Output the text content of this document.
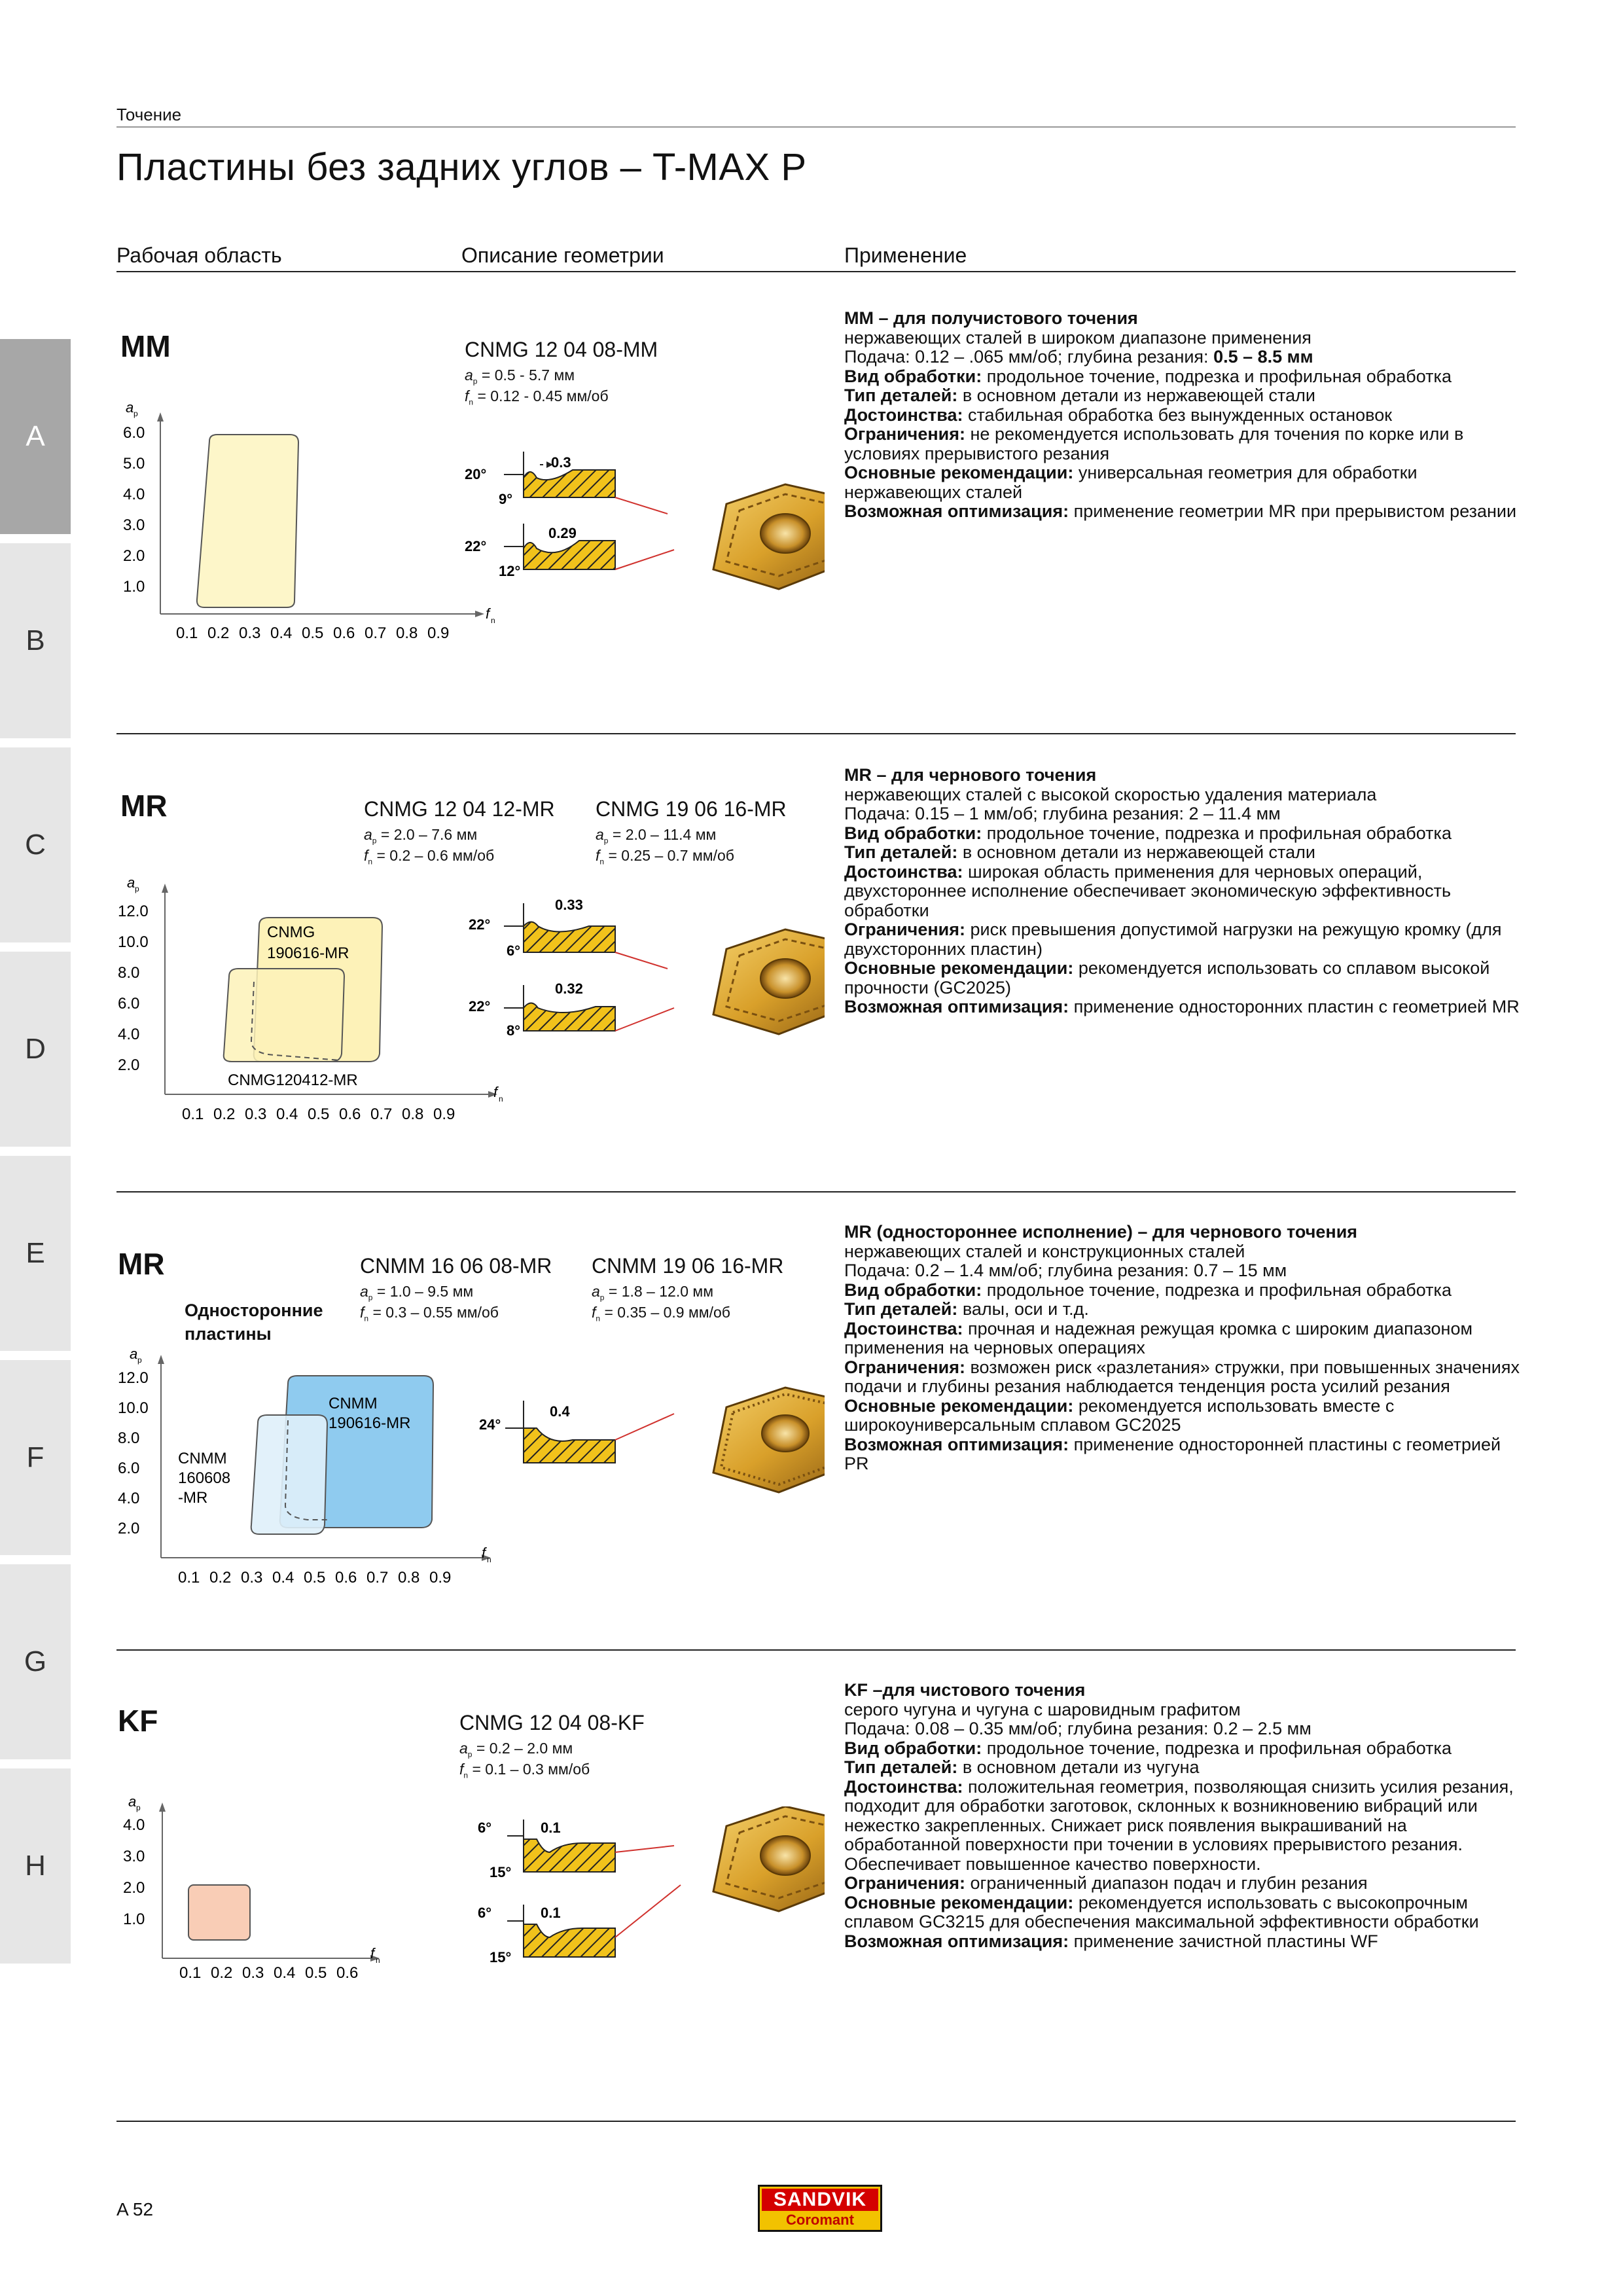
Точение
Пластины без задних углов – T-MAX P
Рабочая область	Описание геометрии	Применение
A
B
C
D
E
F
G
H
MM	CNMG 12 04 08-MM
$a_p = 0.5 - 5.7$ мм
$f_n = 0.12 - 0.45$ мм/об
a p
6.0
5.0
4.0
3.0
2.0
1.0
0.1 0.2 0.3 0.4 0.5 0.6 0.7 0.8 0.9
f n
20°
9°
0.3
22°
12°
0.29

MM – для получистового точения

нержавеющих сталей в широком диапазоне применения

Подача: 0.12 – .065 мм/об; глубина резания: 0.5 – 8.5 мм

Вид обработки: продольное точение, подрезка и профильная обработка

Тип деталей: в основном детали из нержавеющей стали

Достоинства: стабильная обработка без вынужденных остановок

Ограничения: не рекомендуется использовать для точения по корке или в условиях прерывистого резания

Основные рекомендации: универсальная геометрия для обработки нержавеющих сталей

Возможная оптимизация: применение геометрии MR при прерывистом резании

MR	CNMG 12 04 12-MR
$a_p = 2.0 - 7.6$ мм
$f_n = 0.2 - 0.6$ мм/об
CNMG 19 06 16-MR
$a_p = 2.0 - 11.4$ мм
$f_n = 0.25 - 0.7$ мм/об
a p
12.0
10.0
8.0
6.0
4.0
2.0
CNMG
190616-MR
CNMG120412-MR
0.1 0.2 0.3 0.4 0.5 0.6 0.7 0.8 0.9
f n
22°
6°
0.33
22°
8°
0.32

MR – для чернового точения

нержавеющих сталей с высокой скоростью удаления материала

Подача: 0.15 – 1 мм/об; глубина резания: 2 – 11.4 мм

Вид обработки: продольное точение, подрезка и профильная обработка

Тип деталей: в основном детали из нержавеющей стали

Достоинства: широкая область применения для черновых операций, двухстороннее исполнение обеспечивает экономическую эффективность обработки

Ограничения: риск превышения допустимой нагрузки на режущую кромку (для двухсторонних пластин)

Основные рекомендации: рекомендуется использовать со сплавом высокой прочности (GC2025)

Возможная оптимизация: применение односторонних пластин с геометрией MR

MR
Односторонние
пластины
CNMM 16 06 08-MR
$a_p = 1.0 - 9.5$ мм
$f_n = 0.3 - 0.55$ мм/об
CNMM 19 06 16-MR
$a_p = 1.8 - 12.0$ мм
$f_n = 0.35 - 0.9$ мм/об
a p
12.0
10.0
8.0
6.0
4.0
2.0
CNMM
190616-MR
CNMM
160608
-MR
0.1 0.2 0.3 0.4 0.5 0.6 0.7 0.8 0.9
f n
24°
0.4

MR (одностороннее исполнение) – для чернового точения

нержавеющих сталей и конструкционных сталей

Подача: 0.2 – 1.4 мм/об; глубина резания: 0.7 – 15 мм

Вид обработки: продольное точение, подрезка и профильная обработка

Тип деталей: валы, оси и т.д.

Достоинства: прочная и надежная режущая кромка с широким диапазоном применения на черновых операциях

Ограничения: возможен риск «разлетания» стружки, при повышенных значениях подачи и глубины резания наблюдается тенденция роста усилий резания

Основные рекомендации: рекомендуется использовать вместе с широкоуниверсальным сплавом GC2025

Возможная оптимизация: применение односторонней пластины с геометрией PR

KF	CNMG 12 04 08-KF
$a_p = 0.2 - 2.0$ мм
$f_n = 0.1 - 0.3$ мм/об
a p
4.0
3.0
2.0
1.0
0.1 0.2 0.3 0.4 0.5 0.6
f n
6°
15°
0.1
6°
15°
0.1

KF –для чистового точения

серого чугуна и чугуна с шаровидным графитом

Подача: 0.08 – 0.35 мм/об; глубина резания: 0.2 – 2.5 мм

Вид обработки: продольное точение, подрезка и профильная обработка

Тип деталей: в основном детали из чугуна

Достоинства: положительная геометрия, позволяющая снизить усилия резания, подходит для обработки заготовок, склонных к возникновению вибраций или нежестко закрепленных. Снижает риск появления выкрашиваний на обработанной поверхности при точении в условиях прерывистого резания. Обеспечивает повышенное качество поверхности.

Ограничения: ограниченный диапазон подач и глубин резания

Основные рекомендации: рекомендуется использовать с высокопрочным сплавом GC3215 для обеспечения максимальной эффективности обработки

Возможная оптимизация: применение зачистной пластины WF

A 52	SANDVIK
Coromant
